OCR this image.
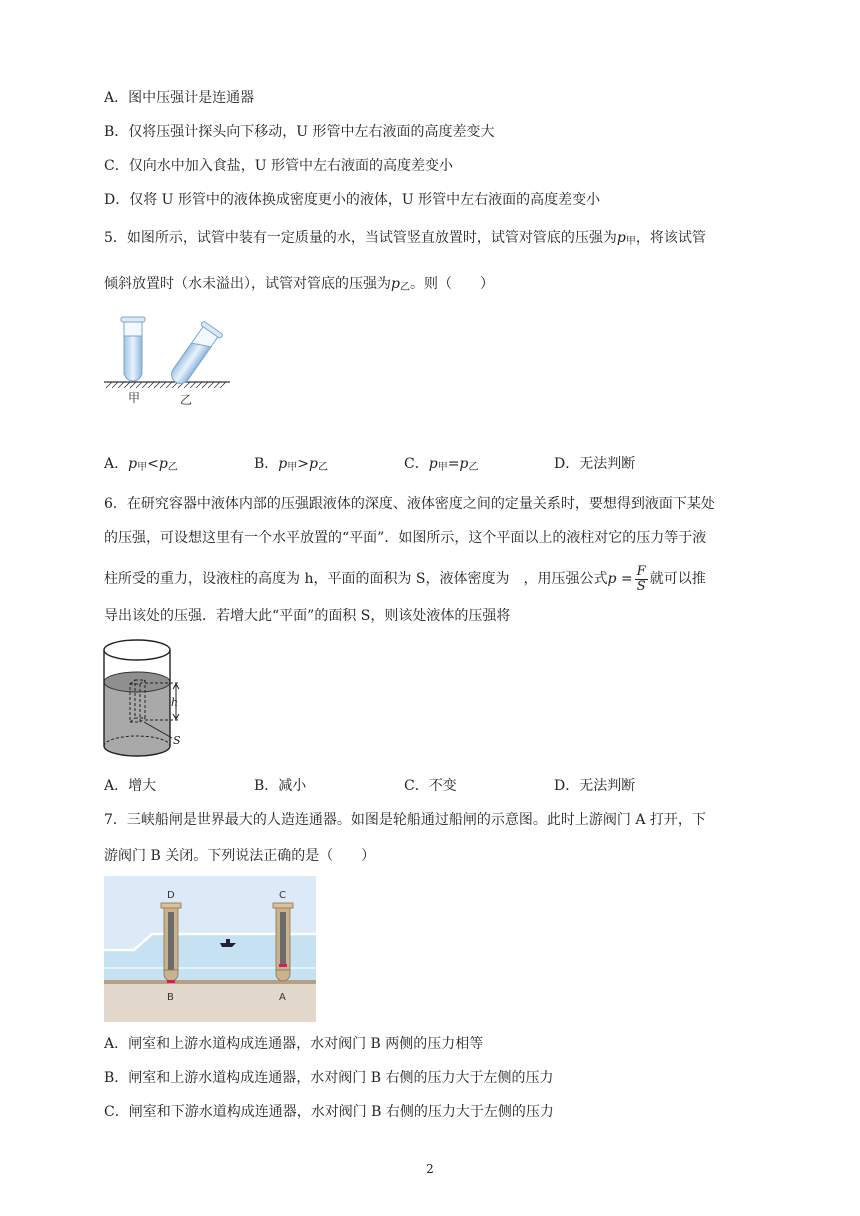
A．图中压强计是连通器
B．仅将压强计探头向下移动，U 形管中左右液面的高度差变大
C．仅向水中加入食盐，U 形管中左右液面的高度差变小
D．仅将 U 形管中的液体换成密度更小的液体，U 形管中左右液面的高度差变小
5．如图所示，试管中装有一定质量的水，当试管竖直放置时，试管对管底的压强为$p_甲$，将该试管
倾斜放置时（水未溢出），试管对管底的压强为$p_乙$。则（　　）
甲	乙
A．$p_甲<p_乙$	B．$p_甲>p_乙$	C．$p_甲=p_乙$	D．无法判断
6．在研究容器中液体内部的压强跟液体的深度、液体密度之间的定量关系时，要想得到液面下某处
的压强，可设想这里有一个水平放置的“平面”．如图所示，这个平面以上的液柱对它的压力等于液
柱所受的重力，设液柱的高度为 h，平面的面积为 S，液体密度为　，用压强公式$p = \frac{F}{S}$ 就可以推
导出该处的压强．若增大此“平面”的面积 S，则该处液体的压强将
h
S
A．增大	B．减小	C．不变	D．无法判断
7．三峡船闸是世界最大的人造连通器。如图是轮船通过船闸的示意图。此时上游阀门 A 打开，下
游阀门 B 关闭。下列说法正确的是（　　）
D	C
B	A
A．闸室和上游水道构成连通器，水对阀门 B 两侧的压力相等
B．闸室和上游水道构成连通器，水对阀门 B 右侧的压力大于左侧的压力
C．闸室和下游水道构成连通器，水对阀门 B 右侧的压力大于左侧的压力
2
